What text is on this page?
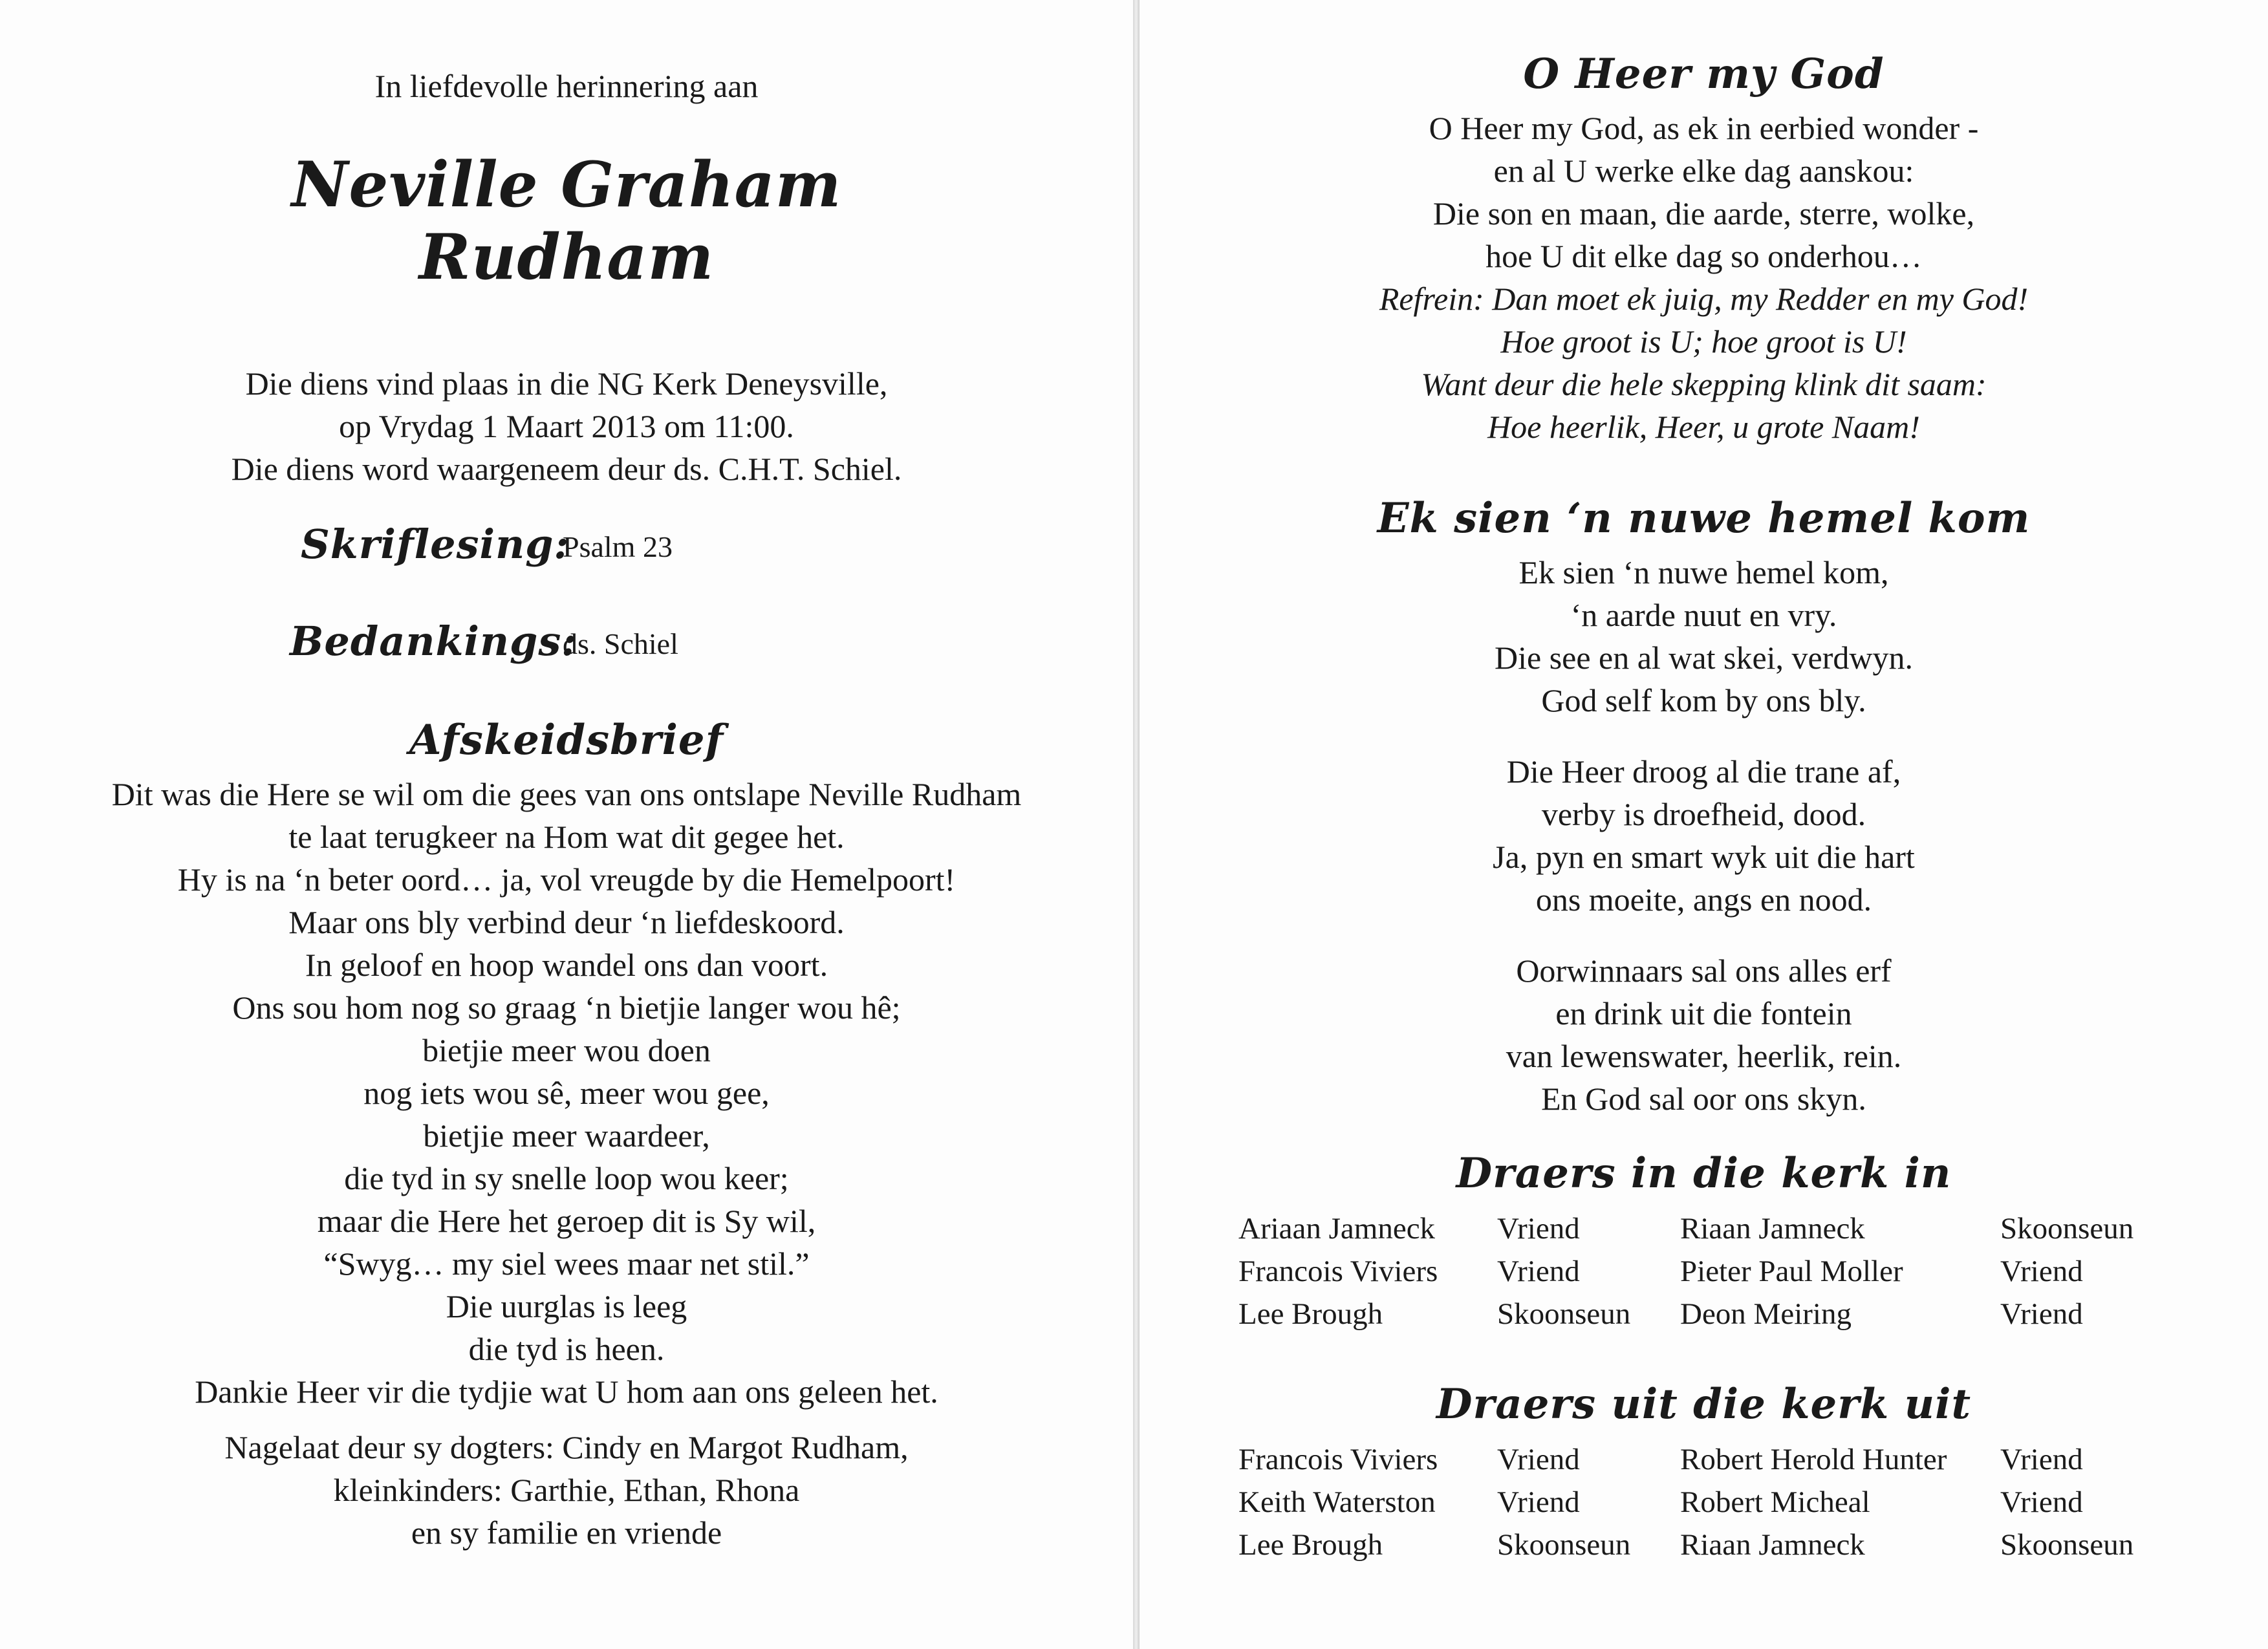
In liefdevolle herinnering aan
Neville Graham
Rudham
Die diens vind plaas in die NG Kerk Deneysville,
op Vrydag 1 Maart 2013 om 11:00.
Die diens word waargeneem deur ds. C.H.T. Schiel.
Skriflesing:
Psalm 23
Bedankings:
ds. Schiel
Afskeidsbrief
Dit was die Here se wil om die gees van ons ontslape Neville Rudham
te laat terugkeer na Hom wat dit gegee het.
Hy is na ‘n beter oord… ja, vol vreugde by die Hemelpoort!
Maar ons bly verbind deur ‘n liefdeskoord.
In geloof en hoop wandel ons dan voort.
Ons sou hom nog so graag ‘n bietjie langer wou hê;
bietjie meer wou doen
nog iets wou sê, meer wou gee,
bietjie meer waardeer,
die tyd in sy snelle loop wou keer;
maar die Here het geroep dit is Sy wil,
“Swyg… my siel wees maar net stil.”
Die uurglas is leeg
die tyd is heen.
Dankie Heer vir die tydjie wat U hom aan ons geleen het.
Nagelaat deur sy dogters: Cindy en Margot Rudham,
kleinkinders: Garthie, Ethan, Rhona
en sy familie en vriende
O Heer my God
O Heer my God, as ek in eerbied wonder -
en al U werke elke dag aanskou:
Die son en maan, die aarde, sterre, wolke,
hoe U dit elke dag so onderhou…
Refrein: Dan moet ek juig, my Redder en my God!
Hoe groot is U; hoe groot is U!
Want deur die hele skepping klink dit saam:
Hoe heerlik, Heer, u grote Naam!
Ek sien ‘n nuwe hemel kom
Ek sien ‘n nuwe hemel kom,
‘n aarde nuut en vry.
Die see en al wat skei, verdwyn.
God self kom by ons bly.
Die Heer droog al die trane af,
verby is droefheid, dood.
Ja, pyn en smart wyk uit die hart
ons moeite, angs en nood.
Oorwinnaars sal ons alles erf
en drink uit die fontein
van lewenswater, heerlik, rein.
En God sal oor ons skyn.
Draers in die kerk in
Ariaan Jamneck	Vriend	Riaan Jamneck	Skoonseun
Francois Viviers	Vriend	Pieter Paul Moller	Vriend
Lee Brough	Skoonseun	Deon Meiring	Vriend
Draers uit die kerk uit
Francois Viviers	Vriend	Robert Herold Hunter	Vriend
Keith Waterston	Vriend	Robert Micheal	Vriend
Lee Brough	Skoonseun	Riaan Jamneck	Skoonseun
